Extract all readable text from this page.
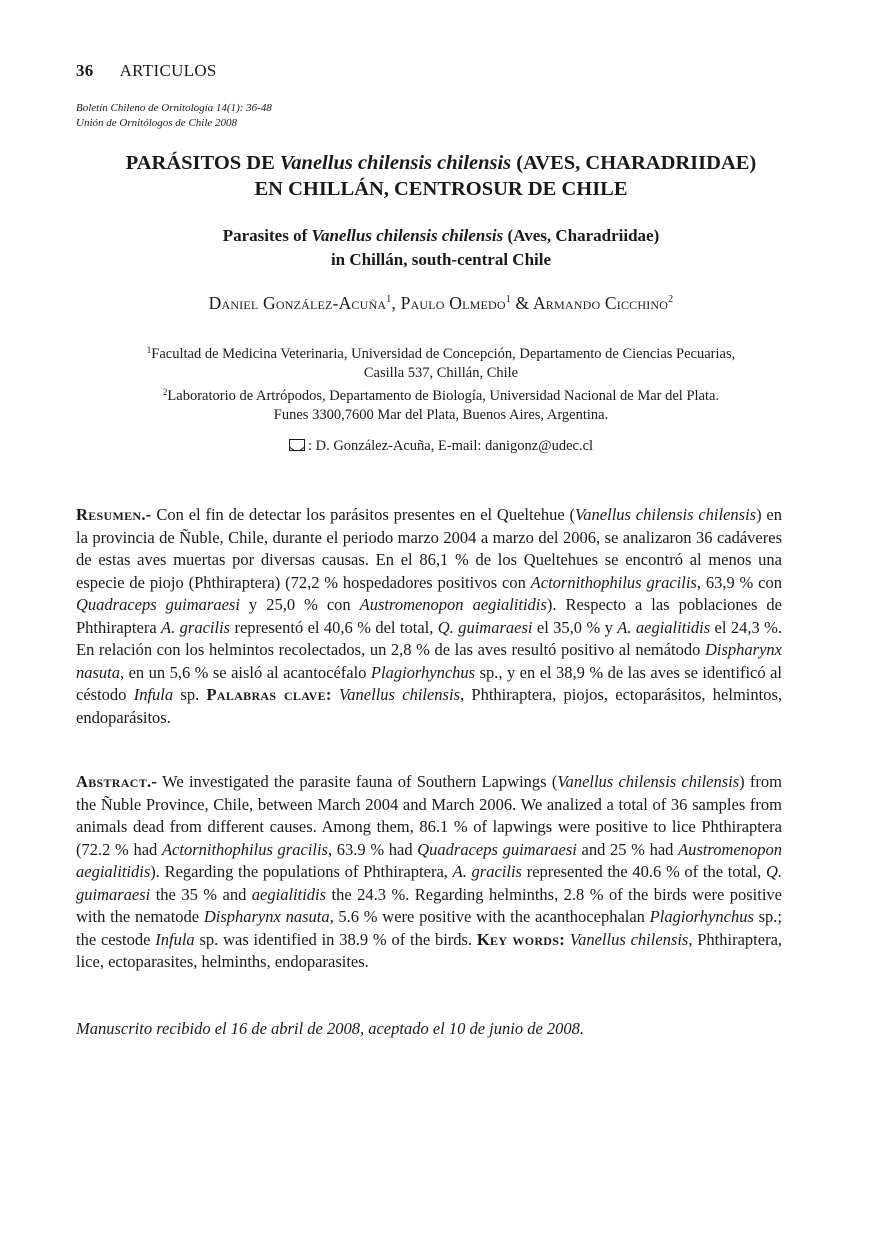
36 ARTICULOS
Boletín Chileno de Ornitología 14(1): 36-48
Unión de Ornitólogos de Chile 2008
PARÁSITOS DE Vanellus chilensis chilensis (AVES, CHARADRIIDAE)
EN CHILLÁN, CENTROSUR DE CHILE
Parasites of Vanellus chilensis chilensis (Aves, Charadriidae)
in Chillán, south-central Chile
Daniel González-Acuña$^1$, Paulo Olmedo$^1$ & Armando Cicchino$^2$
$^1$Facultad de Medicina Veterinaria, Universidad de Concepción, Departamento de Ciencias Pecuarias,
Casilla 537, Chillán, Chile
$^2$Laboratorio de Artrópodos, Departamento de Biología, Universidad Nacional de Mar del Plata.
Funes 3300,7600 Mar del Plata, Buenos Aires, Argentina.
: D. González-Acuña, E-mail: danigonz@udec.cl

Resumen.- Con el fin de detectar los parásitos presentes en el Queltehue (Vanellus chilensis chilensis) en la provincia de Ñuble, Chile, durante el periodo marzo 2004 a marzo del 2006, se analizaron 36 cadáveres de estas aves muertas por diversas causas. En el 86,1 % de los Queltehues se encontró al menos una especie de piojo (Phthiraptera) (72,2 % hospedadores positivos con Actornithophilus gracilis, 63,9 % con Quadraceps guimaraesi y 25,0 % con Austromenopon aegialitidis). Respecto a las poblaciones de Phthiraptera A. gracilis representó el 40,6 % del total, Q. guimaraesi el 35,0 % y A. aegialitidis el 24,3 %. En relación con los helmintos recolectados, un 2,8 % de las aves resultó positivo al nemátodo Dispharynx nasuta, en un 5,6 % se aisló al acantocéfalo Plagiorhynchus sp., y en el 38,9 % de las aves se identificó al céstodo Infula sp. Palabras clave: Vanellus chilensis, Phthiraptera, piojos, ectoparásitos, helmintos, endoparásitos.

Abstract.- We investigated the parasite fauna of Southern Lapwings (Vanellus chilensis chilensis) from the Ñuble Province, Chile, between March 2004 and March 2006. We analized a total of 36 samples from animals dead from different causes. Among them, 86.1 % of lapwings were positive to lice Phthiraptera (72.2 % had Actornithophilus gracilis, 63.9 % had Quadraceps guimaraesi and 25 % had Austromenopon aegialitidis). Regarding the populations of Phthiraptera, A. gracilis represented the 40.6 % of the total, Q. guimaraesi the 35 % and aegialitidis the 24.3 %. Regarding helminths, 2.8 % of the birds were positive with the nematode Dispharynx nasuta, 5.6 % were positive with the acanthocephalan Plagiorhynchus sp.; the cestode Infula sp. was identified in 38.9 % of the birds. Key words: Vanellus chilensis, Phthiraptera, lice, ectoparasites, helminths, endoparasites.

Manuscrito recibido el 16 de abril de 2008, aceptado el 10 de junio de 2008.
